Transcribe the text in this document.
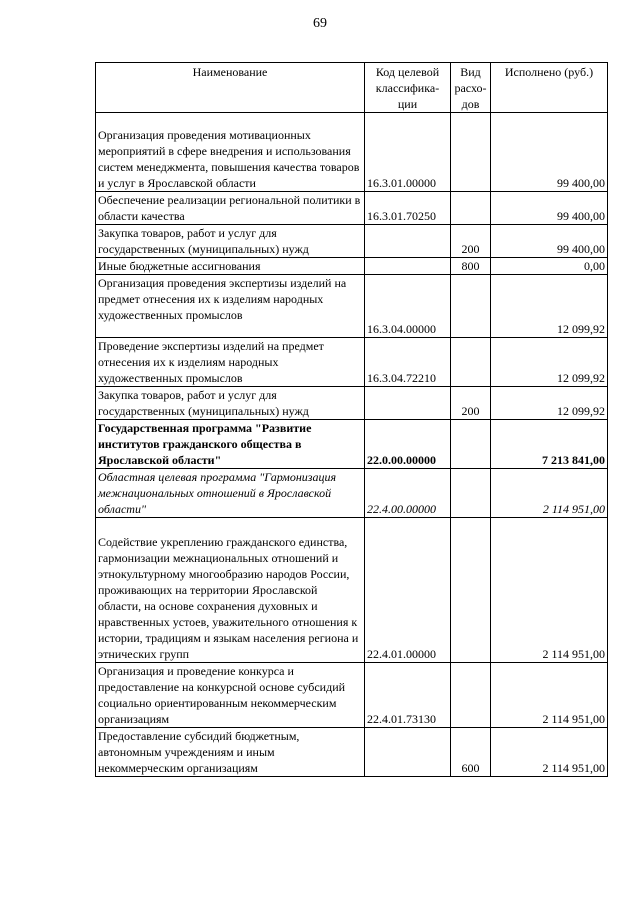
69
Наименование	Код целевой классифика-ции	Вид расхо-дов	Исполнено (руб.)
Организация проведения мотивационных мероприятий в сфере внедрения и использования систем менеджмента, повышения качества товаров и услуг в Ярославской области	16.3.01.00000		99 400,00
Обеспечение реализации региональной политики в области качества	16.3.01.70250		99 400,00
Закупка товаров, работ и услуг для государственных (муниципальных) нужд		200	99 400,00
Иные бюджетные ассигнования		800	0,00
Организация проведения экспертизы изделий на предмет отнесения их к изделиям народных художественных промыслов	16.3.04.00000		12 099,92
Проведение экспертизы изделий на предмет отнесения их к изделиям народных художественных промыслов	16.3.04.72210		12 099,92
Закупка товаров, работ и услуг для государственных (муниципальных) нужд		200	12 099,92
Государственная программа "Развитие институтов гражданского общества в Ярославской области"	22.0.00.00000		7 213 841,00
Областная целевая программа "Гармонизация межнациональных отношений в Ярославской области"	22.4.00.00000		2 114 951,00
Содействие укреплению гражданского единства, гармонизации межнациональных отношений и этнокультурному многообразию народов России, проживающих на территории Ярославской области, на основе сохранения духовных и нравственных устоев, уважительного отношения к истории, традициям и языкам населения региона и этнических групп	22.4.01.00000		2 114 951,00
Организация и проведение конкурса и предоставление на конкурсной основе субсидий социально ориентированным некоммерческим организациям	22.4.01.73130		2 114 951,00
Предоставление субсидий бюджетным, автономным учреждениям и иным некоммерческим организациям		600	2 114 951,00
